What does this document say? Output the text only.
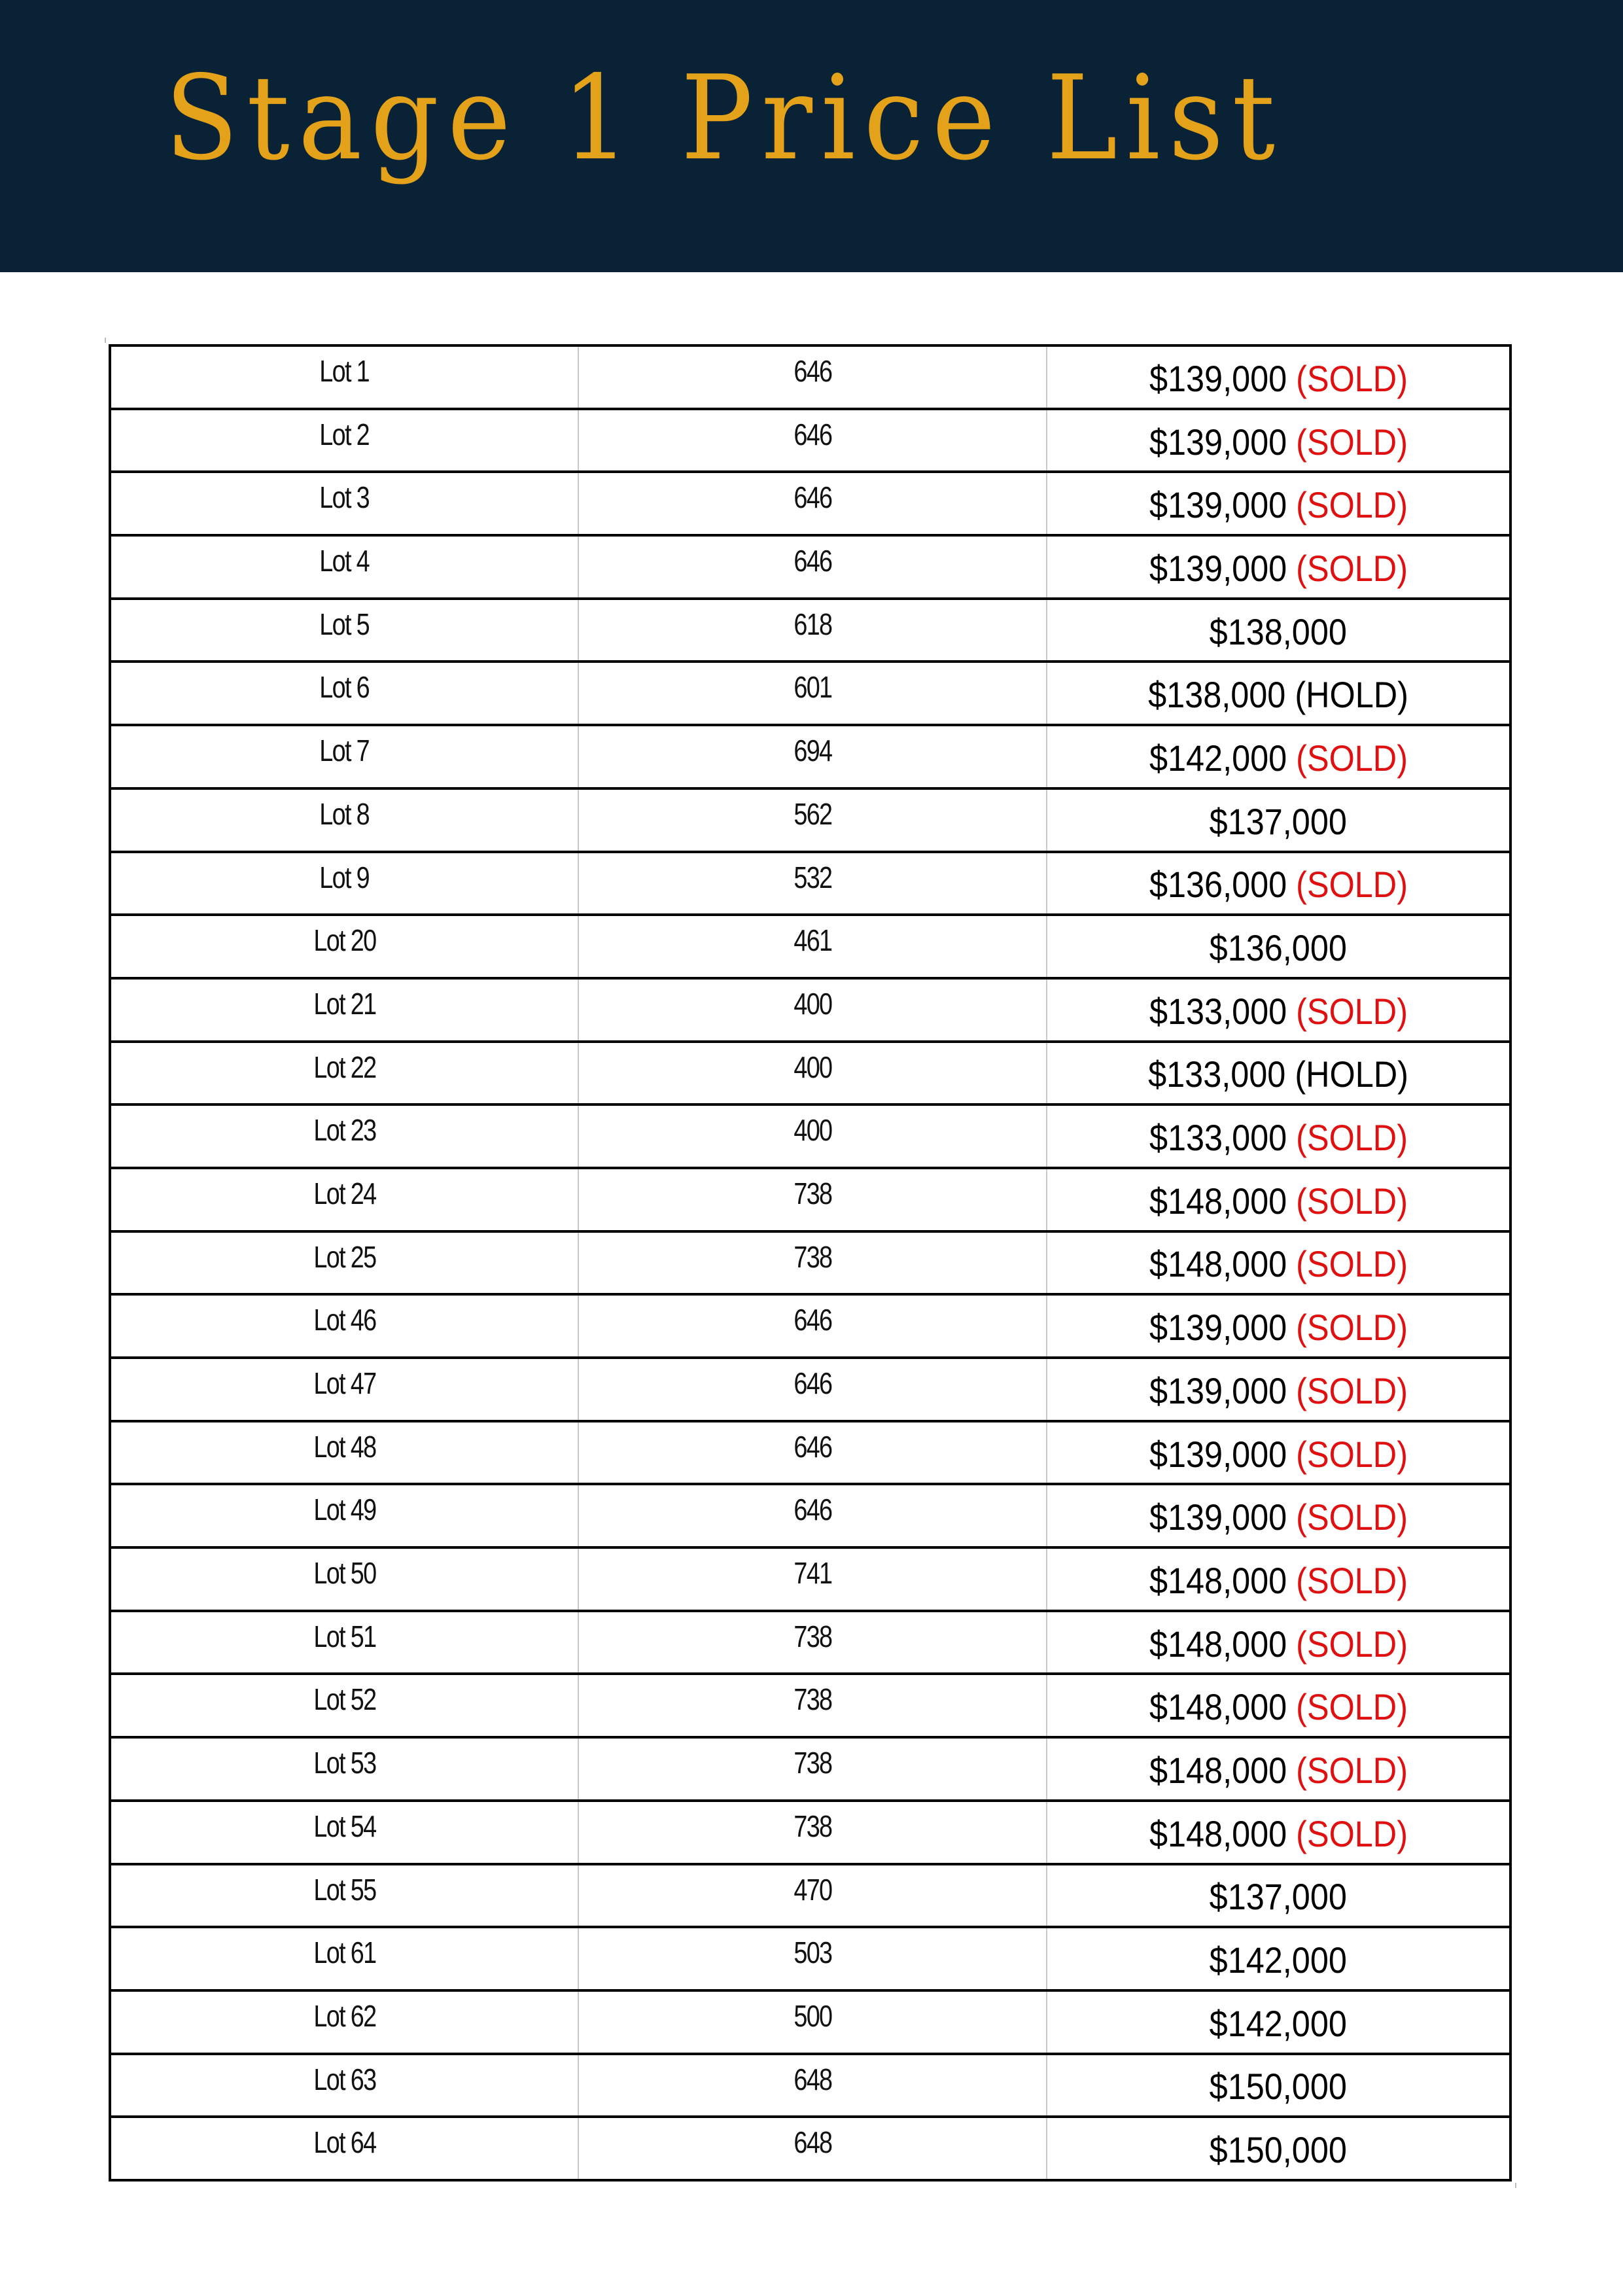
Stage 1 Price List
Lot 1	646	$139,000 (SOLD)
Lot 2	646	$139,000 (SOLD)
Lot 3	646	$139,000 (SOLD)
Lot 4	646	$139,000 (SOLD)
Lot 5	618	$138,000
Lot 6	601	$138,000 (HOLD)
Lot 7	694	$142,000 (SOLD)
Lot 8	562	$137,000
Lot 9	532	$136,000 (SOLD)
Lot 20	461	$136,000
Lot 21	400	$133,000 (SOLD)
Lot 22	400	$133,000 (HOLD)
Lot 23	400	$133,000 (SOLD)
Lot 24	738	$148,000 (SOLD)
Lot 25	738	$148,000 (SOLD)
Lot 46	646	$139,000 (SOLD)
Lot 47	646	$139,000 (SOLD)
Lot 48	646	$139,000 (SOLD)
Lot 49	646	$139,000 (SOLD)
Lot 50	741	$148,000 (SOLD)
Lot 51	738	$148,000 (SOLD)
Lot 52	738	$148,000 (SOLD)
Lot 53	738	$148,000 (SOLD)
Lot 54	738	$148,000 (SOLD)
Lot 55	470	$137,000
Lot 61	503	$142,000
Lot 62	500	$142,000
Lot 63	648	$150,000
Lot 64	648	$150,000
